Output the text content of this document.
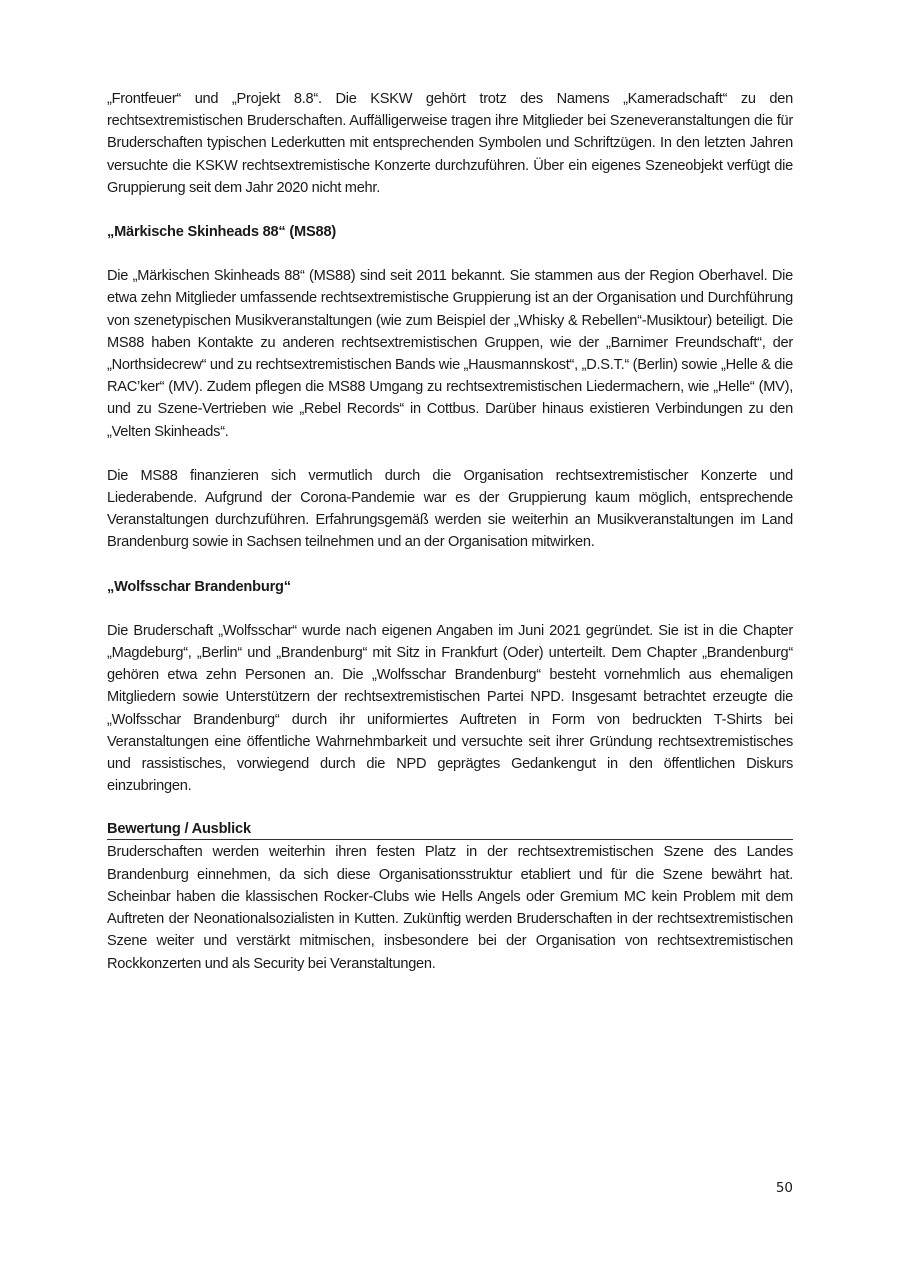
„Frontfeuer“ und „Projekt 8.8“. Die KSKW gehört trotz des Namens „Kameradschaft“ zu den rechtsextremistischen Bruderschaften. Auffälligerweise tragen ihre Mitglieder bei Szeneveranstaltungen die für Bruderschaften typischen Lederkutten mit entsprechenden Symbolen und Schriftzügen. In den letzten Jahren versuchte die KSKW rechtsextremistische Konzerte durchzuführen. Über ein eigenes Szeneobjekt verfügt die Gruppierung seit dem Jahr 2020 nicht mehr.

„Märkische Skinheads 88“ (MS88)

Die „Märkischen Skinheads 88“ (MS88) sind seit 2011 bekannt. Sie stammen aus der Region Oberhavel. Die etwa zehn Mitglieder umfassende rechtsextremistische Gruppierung ist an der Organisation und Durchführung von szenetypischen Musikveranstaltungen (wie zum Beispiel der „Whisky & Rebellen“-Musiktour) beteiligt. Die MS88 haben Kontakte zu anderen rechtsextremistischen Gruppen, wie der „Barnimer Freundschaft“, der „Northsidecrew“ und zu rechtsextremistischen Bands wie „Hausmannskost“, „D.S.T.“ (Berlin) sowie „Helle & die RAC’ker“ (MV). Zudem pflegen die MS88 Umgang zu rechtsextremistischen Liedermachern, wie „Helle“ (MV), und zu Szene-Vertrieben wie „Rebel Records“ in Cottbus. Darüber hinaus existieren Verbindungen zu den „Velten Skinheads“.

Die MS88 finanzieren sich vermutlich durch die Organisation rechtsextremistischer Konzerte und Liederabende. Aufgrund der Corona-Pandemie war es der Gruppierung kaum möglich, entsprechende Veranstaltungen durchzuführen. Erfahrungsgemäß werden sie weiterhin an Musikveranstaltungen im Land Brandenburg sowie in Sachsen teilnehmen und an der Organisation mitwirken.

„Wolfsschar Brandenburg“

Die Bruderschaft „Wolfsschar“ wurde nach eigenen Angaben im Juni 2021 gegründet. Sie ist in die Chapter „Magdeburg“, „Berlin“ und „Brandenburg“ mit Sitz in Frankfurt (Oder) unterteilt. Dem Chapter „Brandenburg“ gehören etwa zehn Personen an. Die „Wolfsschar Brandenburg“ besteht vornehmlich aus ehemaligen Mitgliedern sowie Unterstützern der rechtsextremistischen Partei NPD. Insgesamt betrachtet erzeugte die „Wolfsschar Brandenburg“ durch ihr uniformiertes Auftreten in Form von bedruckten T-Shirts bei Veranstaltungen eine öffentliche Wahrnehmbarkeit und versuchte seit ihrer Gründung rechtsextremistisches und rassistisches, vorwiegend durch die NPD geprägtes Gedankengut in den öffentlichen Diskurs einzubringen.

Bewertung / Ausblick

Bruderschaften werden weiterhin ihren festen Platz in der rechtsextremistischen Szene des Landes Brandenburg einnehmen, da sich diese Organisationsstruktur etabliert und für die Szene bewährt hat. Scheinbar haben die klassischen Rocker-Clubs wie Hells Angels oder Gremium MC kein Problem mit dem Auftreten der Neonationalsozialisten in Kutten. Zukünftig werden Bruderschaften in der rechtsextremistischen Szene weiter und verstärkt mitmischen, insbesondere bei der Organisation von rechtsextremistischen Rockkonzerten und als Security bei Veranstaltungen.

50
